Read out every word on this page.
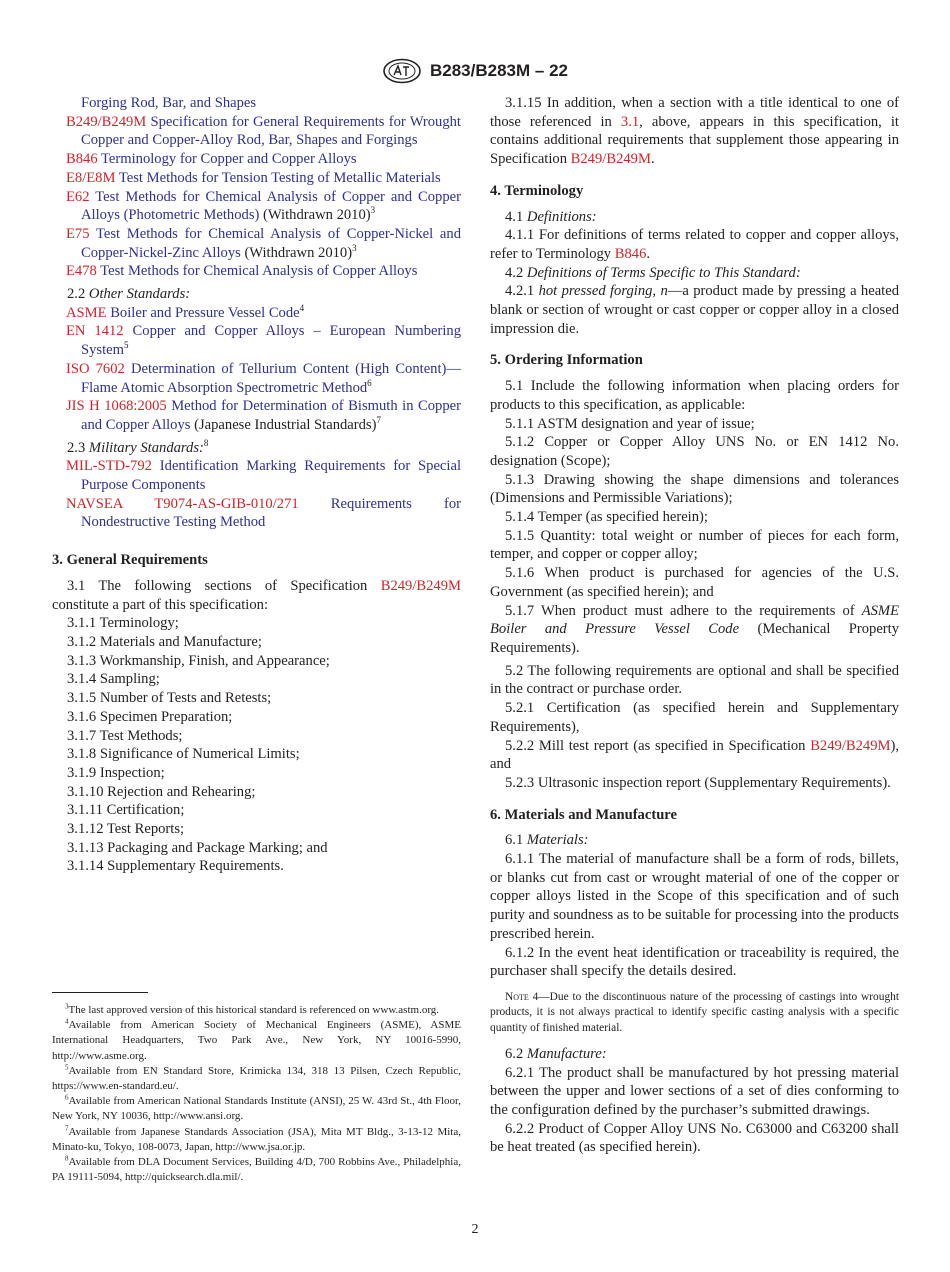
B283/B283M – 22
Forging Rod, Bar, and Shapes
B249/B249M Specification for General Requirements for Wrought Copper and Copper-Alloy Rod, Bar, Shapes and Forgings
B846 Terminology for Copper and Copper Alloys
E8/E8M Test Methods for Tension Testing of Metallic Materials
E62 Test Methods for Chemical Analysis of Copper and Copper Alloys (Photometric Methods) (Withdrawn 2010)$^3$
E75 Test Methods for Chemical Analysis of Copper-Nickel and Copper-Nickel-Zinc Alloys (Withdrawn 2010)$^3$
E478 Test Methods for Chemical Analysis of Copper Alloys
2.2 Other Standards:
ASME Boiler and Pressure Vessel Code$^4$
EN 1412 Copper and Copper Alloys – European Numbering System$^5$
ISO 7602 Determination of Tellurium Content (High Content)—Flame Atomic Absorption Spectrometric Method$^6$
JIS H 1068:2005 Method for Determination of Bismuth in Copper and Copper Alloys (Japanese Industrial Standards)$^7$
2.3 Military Standards:$^8$
MIL-STD-792 Identification Marking Requirements for Special Purpose Components
NAVSEA T9074-AS-GIB-010/271 Requirements for Nondestructive Testing Method
3. General Requirements
3.1 The following sections of Specification B249/B249M constitute a part of this specification:
3.1.1 Terminology;
3.1.2 Materials and Manufacture;
3.1.3 Workmanship, Finish, and Appearance;
3.1.4 Sampling;
3.1.5 Number of Tests and Retests;
3.1.6 Specimen Preparation;
3.1.7 Test Methods;
3.1.8 Significance of Numerical Limits;
3.1.9 Inspection;
3.1.10 Rejection and Rehearing;
3.1.11 Certification;
3.1.12 Test Reports;
3.1.13 Packaging and Package Marking; and
3.1.14 Supplementary Requirements.
$^3$The last approved version of this historical standard is referenced on www.astm.org.
$^4$Available from American Society of Mechanical Engineers (ASME), ASME International Headquarters, Two Park Ave., New York, NY 10016-5990, http://www.asme.org.
$^5$Available from EN Standard Store, Krimicka 134, 318 13 Pilsen, Czech Republic, https://www.en-standard.eu/.
$^6$Available from American National Standards Institute (ANSI), 25 W. 43rd St., 4th Floor, New York, NY 10036, http://www.ansi.org.
$^7$Available from Japanese Standards Association (JSA), Mita MT Bldg., 3-13-12 Mita, Minato-ku, Tokyo, 108-0073, Japan, http://www.jsa.or.jp.
$^8$Available from DLA Document Services, Building 4/D, 700 Robbins Ave., Philadelphia, PA 19111-5094, http://quicksearch.dla.mil/.
3.1.15 In addition, when a section with a title identical to one of those referenced in 3.1, above, appears in this specification, it contains additional requirements that supplement those appearing in Specification B249/B249M.
4. Terminology
4.1 Definitions:
4.1.1 For definitions of terms related to copper and copper alloys, refer to Terminology B846.
4.2 Definitions of Terms Specific to This Standard:
4.2.1 hot pressed forging, n—a product made by pressing a heated blank or section of wrought or cast copper or copper alloy in a closed impression die.
5. Ordering Information
5.1 Include the following information when placing orders for products to this specification, as applicable:
5.1.1 ASTM designation and year of issue;
5.1.2 Copper or Copper Alloy UNS No. or EN 1412 No. designation (Scope);
5.1.3 Drawing showing the shape dimensions and tolerances (Dimensions and Permissible Variations);
5.1.4 Temper (as specified herein);
5.1.5 Quantity: total weight or number of pieces for each form, temper, and copper or copper alloy;
5.1.6 When product is purchased for agencies of the U.S. Government (as specified herein); and
5.1.7 When product must adhere to the requirements of ASME Boiler and Pressure Vessel Code (Mechanical Property Requirements).
5.2 The following requirements are optional and shall be specified in the contract or purchase order.
5.2.1 Certification (as specified herein and Supplementary Requirements),
5.2.2 Mill test report (as specified in Specification B249/B249M), and
5.2.3 Ultrasonic inspection report (Supplementary Requirements).
6. Materials and Manufacture
6.1 Materials:
6.1.1 The material of manufacture shall be a form of rods, billets, or blanks cut from cast or wrought material of one of the copper or copper alloys listed in the Scope of this specification and of such purity and soundness as to be suitable for processing into the products prescribed herein.
6.1.2 In the event heat identification or traceability is required, the purchaser shall specify the details desired.
Note 4—Due to the discontinuous nature of the processing of castings into wrought products, it is not always practical to identify specific casting analysis with a specific quantity of finished material.
6.2 Manufacture:
6.2.1 The product shall be manufactured by hot pressing material between the upper and lower sections of a set of dies conforming to the configuration defined by the purchaser’s submitted drawings.
6.2.2 Product of Copper Alloy UNS No. C63000 and C63200 shall be heat treated (as specified herein).
2
